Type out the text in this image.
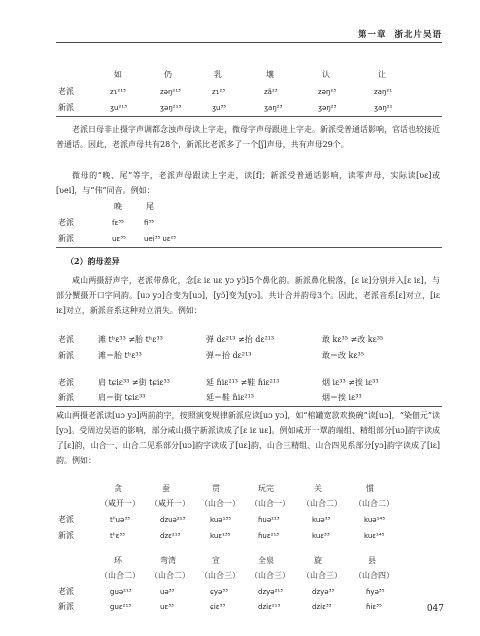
第一章 浙北片吴语
如	仍	乳	壤	认	让
老派	zɿ²¹³	zəŋ²¹³	zɿ²³	zã²³	zəŋ²³	zaŋ²¹
新派	ʒu²¹³	ʒəŋ²¹³	ʒu³⁵	ʒaŋ²³	ʒəŋ²³	ʒaŋ²¹
老派日母非止摄字声调都念浊声母读上字走，微母字声母跟进上字走。新派受普通话影响，官话也较接近普通话。因此，老派声母共有28个，新派比老派多了一个[ʃ]声母，共有声母29个。
微母的“晚、尾”等字，老派声母跟读上字走，读[f]；新派受普通话影响，读零声母，实际读[ʋɛ]或[ʋei]，与“伟”同音。例如：
晚	尾
老派	fɛ³⁵	fi³⁵
新派	uɛ³⁵	uei³⁵ ʋɛ²⁵
（2）韵母差异
咸山两摄舒声字，老派带鼻化，念[ɛ iɛ uɛ yɔ yɔ̃]5个鼻化韵。新派鼻化脱落，[ɛ iɛ]分别并入[ɛ iɛ]，与部分蟹摄开口字同韵。[uɔ yɔ]合变为[uɔ]，[yɔ̃]变为[yɔ]。共计合并韵母3个。因此，老派音系[ɛ]对立，[iɛ iɛ]对立，新派音系这种对立消失。例如：
老派	滩 tʰɛ³³ ≠胎 tʰɛ³³	弹 dɛ²¹³ ≠抬 dɛ²¹³	敢 kɛ³⁵ ≠改 kɛ³⁵
新派	滩＝胎 tʰɛ³³	弹＝抬 dɛ²¹³	敢＝改 kɛ³⁵
老派	肩 tɕiɛ³³ ≠街 tɕiɛ³³	延 ɦiɛ²¹³ ≠鞋 ɦiɛ²¹³	烟 iɛ³³ ≠挨 iɛ³³
新派	肩＝街 tɕiɛ³³	延＝鞋 ɦiɛ²¹³	烟＝挨 iɛ³³
咸山两摄老派读[uɔ yɔ]两前韵字，按照演变规律新派应读[uɔ yɔ]，如“棺罐宽款欢换碗”读[uɔ]，“染佃元”读[yɔ]。受周边吴语的影响，部分咸山摄字新派读成了[ɛ iɛ uɛ]。例如咸开一覃韵端组、精组部分[uɔ]韵字读成了[ɛ]韵，山合一、山合二见系部分[uɔ]韵字读成了[uɛ]韵，山合三精组、山合四见系部分[yɔ]韵字读成了[iɛ]韵。例如：
贪	蚕	贯	玩完	关	惯
（咸开一） （咸开一） （山合一） （山合一） （山合二） （山合二）
老派	tʰuə³³	dzuə²¹³	kuə¹³⁵	ɦuə²¹³	kuə³³	kuə¹⁴⁵
新派	tʰɛ³³	dzɛ²¹³	kuɛ¹³⁵	ɦuɛ²¹³	kuɛ³³	kuɛ¹⁴⁵
环	弯湾	宣	全泉	旋	县
（山合二） （山合二） （山合三） （山合三） （山合三） （山合四）
老派	guə²¹³	uə³³	ɕyə³³	dzyə²¹³	dzyə³³	ɦyə³⁵
新派	guɛ²¹³	uɛ³³	ɕiɛ³³	dziɛ²¹³	dziɛ³³	ɦiɛ³⁵	047
